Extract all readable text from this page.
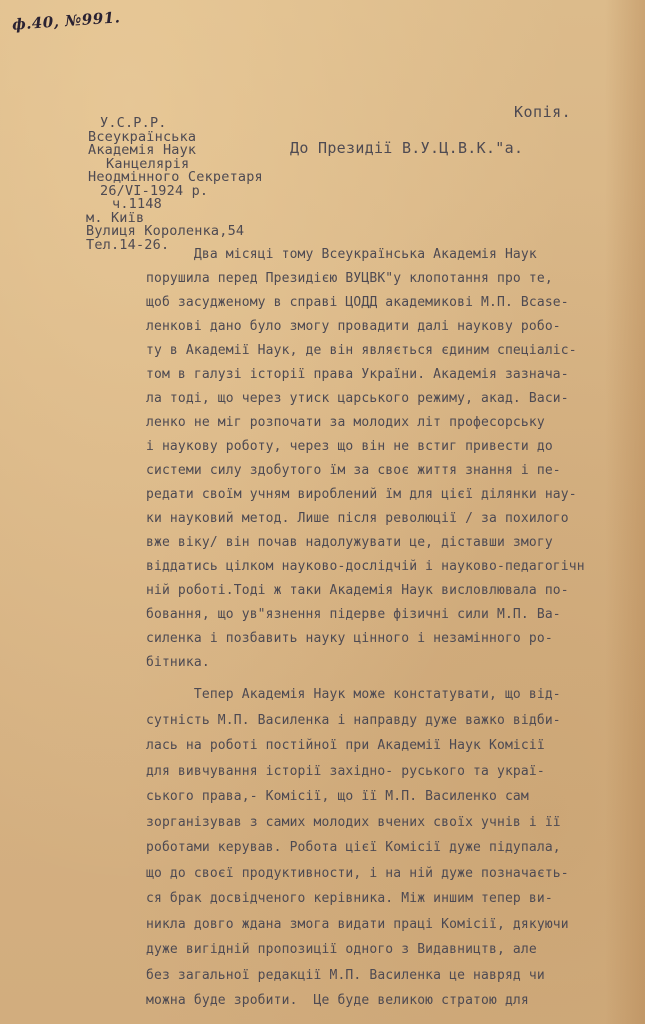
ф.40, №991.
Копія.
У.С.Р.Р.
Всеукраїнська
Академія Наук
Канцелярія
Неодмінного Секретаря
26/VI-1924 р.
ч.1148
м. Київ
Вулиця Короленка,54
Тел.14-26.
До Президії В.У.Ц.В.К."а.
Два місяці тому Всеукраїнська Академія Наук
порушила перед Президією ВУЦВК"у клопотання про те,
щоб засудженому в справі ЦОДД академикові М.П. Вcase-
ленкові дано було змогу провадити далі науковy робо-
ту в Академії Наук, де він являється єдиним спеціаліс-
том в галузі історії права України. Академія зазнача-
ла тоді, що через утиск царського режиму, акад. Васи-
ленко не міг розпочати за молодих літ професорську
і наукову роботу, через що він не встиг привести до
системи силу здобутого їм за своє життя знання і пе-
редати своїм учням вироблений їм для цієї ділянки нау-
ки науковий метод. Лише після революції / за похилого
вже віку/ він почав надолужувати це, діставши змогу
віддатись цілком науково-дослідчій і науково-педагогічн
ній роботі.Тоді ж таки Академія Наук висловлювала по-
бовання, що ув"язнення підерве фізичні сили М.П. Ва-
силенка і позбавить науку цінного і незамінного ро-
бітника.
Тепер Академія Наук може констатувати, що від-
сутність М.П. Василенка і направду дуже важко відби-
лась на роботі постійної при Академії Наук Комісії
для вивчування історії західно- руського та украї-
ського права,- Комісії, що її М.П. Василенко сам
зорганізував з самих молодих вчених своїх учнів і її
роботами керував. Робота цієї Комісії дуже підупала,
що до своєї продуктивности, і на ній дуже позначаєть-
ся брак досвідченого керівника. Між иншим тепер ви-
никла довго ждана змога видати праці Комісії, дякуючи
дуже вигідній пропозиції одного з Видавництв, але
без загальної редакції М.П. Василенка це навряд чи
можна буде зробити.  Це буде великою стратою для
